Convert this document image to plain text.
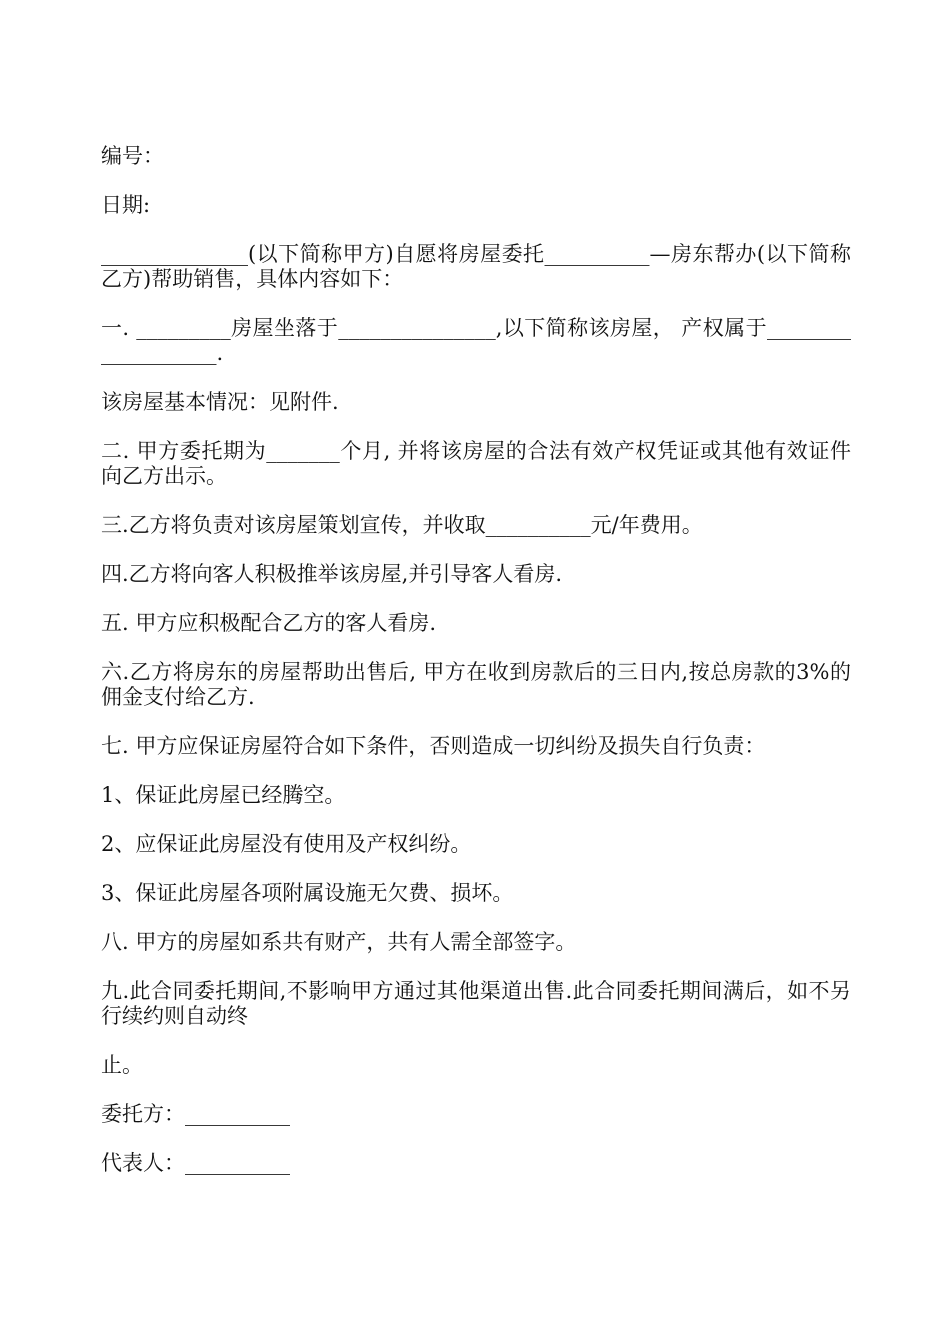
编号：

日期:

______________(以下简称甲方)自愿将房屋委托__________—房东帮办(以下简称乙方)帮助销售，具体内容如下：

一. _________房屋坐落于_______________,以下简称该房屋， 产权属于___________________.

该房屋基本情况：见附件.

二. 甲方委托期为_______个月, 并将该房屋的合法有效产权凭证或其他有效证件向乙方出示。

三.乙方将负责对该房屋策划宣传，并收取__________元/年费用。

四.乙方将向客人积极推举该房屋,并引导客人看房.

五. 甲方应积极配合乙方的客人看房.

六.乙方将房东的房屋帮助出售后, 甲方在收到房款后的三日内,按总房款的3%的佣金支付给乙方.

七. 甲方应保证房屋符合如下条件，否则造成一切纠纷及损失自行负责：

1、保证此房屋已经腾空。

2、应保证此房屋没有使用及产权纠纷。

3、保证此房屋各项附属设施无欠费、损坏。

八. 甲方的房屋如系共有财产，共有人需全部签字。

九.此合同委托期间,不影响甲方通过其他渠道出售.此合同委托期间满后，如不另行续约则自动终

止。

委托方：__________

代表人：__________
